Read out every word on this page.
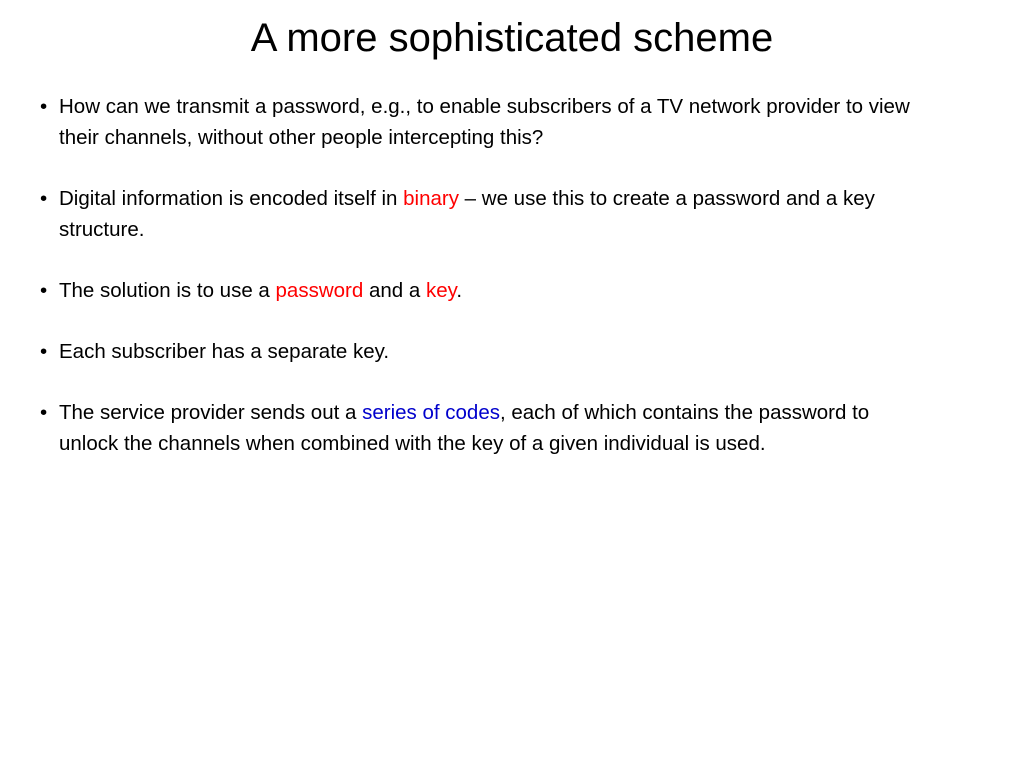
A more sophisticated scheme
• How can we transmit a password, e.g., to enable subscribers of a TV network provider to view their channels, without other people intercepting this?
• Digital information is encoded itself in binary – we use this to create a password and a key structure.
• The solution is to use a password and a key.
• Each subscriber has a separate key.
• The service provider sends out a series of codes, each of which contains the password to unlock the channels when combined with the key of a given individual is used.
